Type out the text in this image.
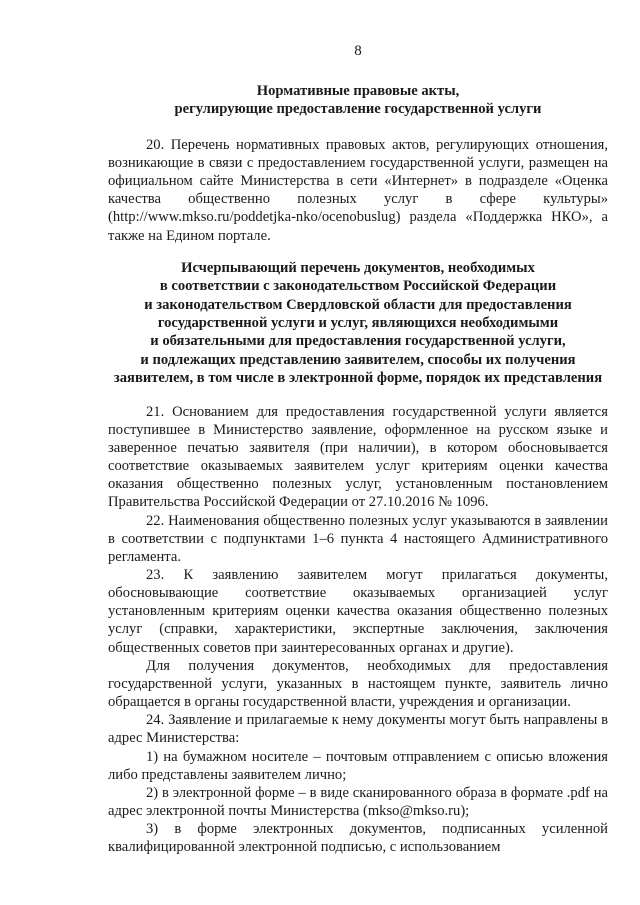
8
Нормативные правовые акты,
регулирующие предоставление государственной услуги

20. Перечень нормативных правовых актов, регулирующих отношения, возникающие в связи с предоставлением государственной услуги, размещен на официальном сайте Министерства в сети «Интернет» в подразделе «Оценка качества общественно полезных услуг в сфере культуры» (http://www.mkso.ru/poddetjka-nko/ocenobuslug) раздела «Поддержка НКО», а также на Едином портале.

Исчерпывающий перечень документов, необходимых
в соответствии с законодательством Российской Федерации
и законодательством Свердловской области для предоставления
государственной услуги и услуг, являющихся необходимыми
и обязательными для предоставления государственной услуги,
и подлежащих представлению заявителем, способы их получения
заявителем, в том числе в электронной форме, порядок их представления

21. Основанием для предоставления государственной услуги является поступившее в Министерство заявление, оформленное на русском языке и заверенное печатью заявителя (при наличии), в котором обосновывается соответствие оказываемых заявителем услуг критериям оценки качества оказания общественно полезных услуг, установленным постановлением Правительства Российской Федерации от 27.10.2016 № 1096.

22. Наименования общественно полезных услуг указываются в заявлении в соответствии с подпунктами 1–6 пункта 4 настоящего Административного регламента.

23. К заявлению заявителем могут прилагаться документы, обосновывающие соответствие оказываемых организацией услуг установленным критериям оценки качества оказания общественно полезных услуг (справки, характеристики, экспертные заключения, заключения общественных советов при заинтересованных органах и другие).

Для получения документов, необходимых для предоставления государственной услуги, указанных в настоящем пункте, заявитель лично обращается в органы государственной власти, учреждения и организации.

24. Заявление и прилагаемые к нему документы могут быть направлены в адрес Министерства:

1) на бумажном носителе – почтовым отправлением с описью вложения либо представлены заявителем лично;

2) в электронной форме – в виде сканированного образа в формате .pdf на адрес электронной почты Министерства (mkso@mkso.ru);

3) в форме электронных документов, подписанных усиленной квалифицированной электронной подписью, с использованием
